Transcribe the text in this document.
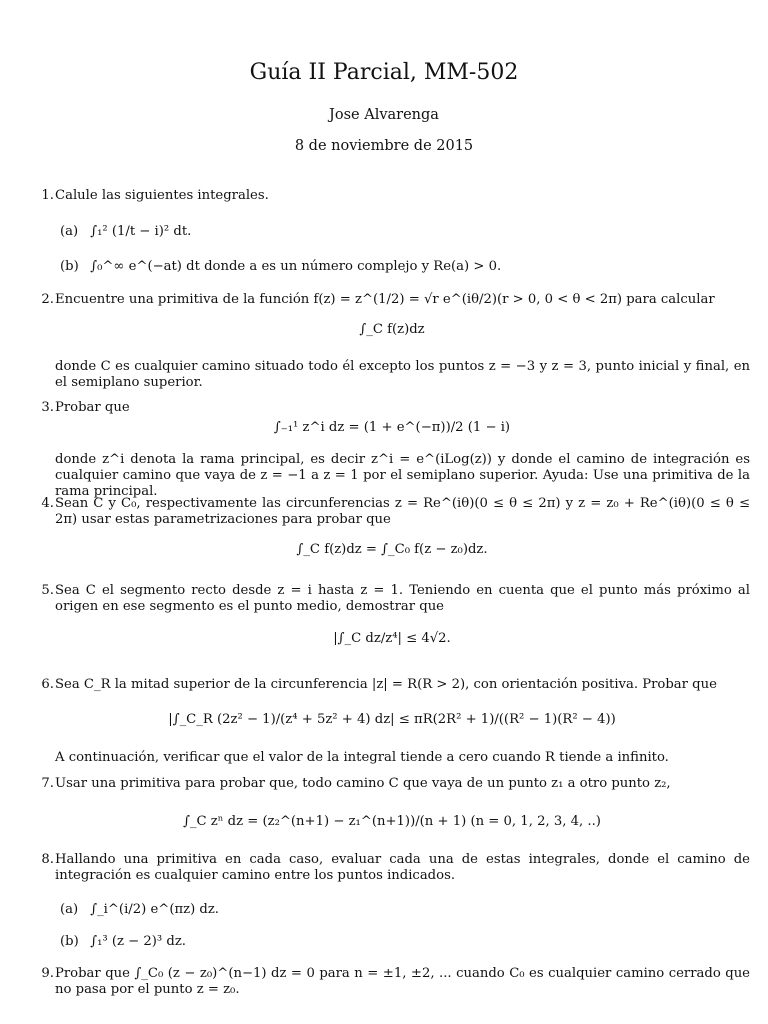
Guía II Parcial, MM-502
Jose Alvarenga
8 de noviembre de 2015
1. Calule las siguientes integrales.
(a) ∫₁² (1/t − i)² dt.
(b) ∫₀^∞ e^(−at) dt donde a es un número complejo y Re(a) > 0.
2. Encuentre una primitiva de la función f(z) = z^(1/2) = √r e^(iθ/2)(r > 0, 0 < θ < 2π) para calcular
∫_C f(z)dz
donde C es cualquier camino situado todo él excepto los puntos z = −3 y z = 3, punto inicial y final, en el semiplano superior.
3. Probar que
∫₋₁¹ z^i dz = (1 + e^(−π))/2 (1 − i)
donde z^i denota la rama principal, es decir z^i = e^(iLog(z)) y donde el camino de integración es cualquier camino que vaya de z = −1 a z = 1 por el semiplano superior. Ayuda: Use una primitiva de la rama principal.
4. Sean C y C₀, respectivamente las circunferencias z = Re^(iθ)(0 ≤ θ ≤ 2π) y z = z₀ + Re^(iθ)(0 ≤ θ ≤ 2π) usar estas parametrizaciones para probar que
∫_C f(z)dz = ∫_C₀ f(z − z₀)dz.
5. Sea C el segmento recto desde z = i hasta z = 1. Teniendo en cuenta que el punto más próximo al origen en ese segmento es el punto medio, demostrar que
|∫_C dz/z⁴| ≤ 4√2.
6. Sea C_R la mitad superior de la circunferencia |z| = R(R > 2), con orientación positiva. Probar que
|∫_C_R (2z² − 1)/(z⁴ + 5z² + 4) dz| ≤ πR(2R² + 1)/((R² − 1)(R² − 4))
A continuación, verificar que el valor de la integral tiende a cero cuando R tiende a infinito.
7. Usar una primitiva para probar que, todo camino C que vaya de un punto z₁ a otro punto z₂,
∫_C zⁿ dz = (z₂^(n+1) − z₁^(n+1))/(n + 1) (n = 0, 1, 2, 3, 4, ..)
8. Hallando una primitiva en cada caso, evaluar cada una de estas integrales, donde el camino de integración es cualquier camino entre los puntos indicados.
(a) ∫_i^(i/2) e^(πz) dz.
(b) ∫₁³ (z − 2)³ dz.
9. Probar que ∫_C₀ (z − z₀)^(n−1) dz = 0 para n = ±1, ±2, ... cuando C₀ es cualquier camino cerrado que no pasa por el punto z = z₀.
